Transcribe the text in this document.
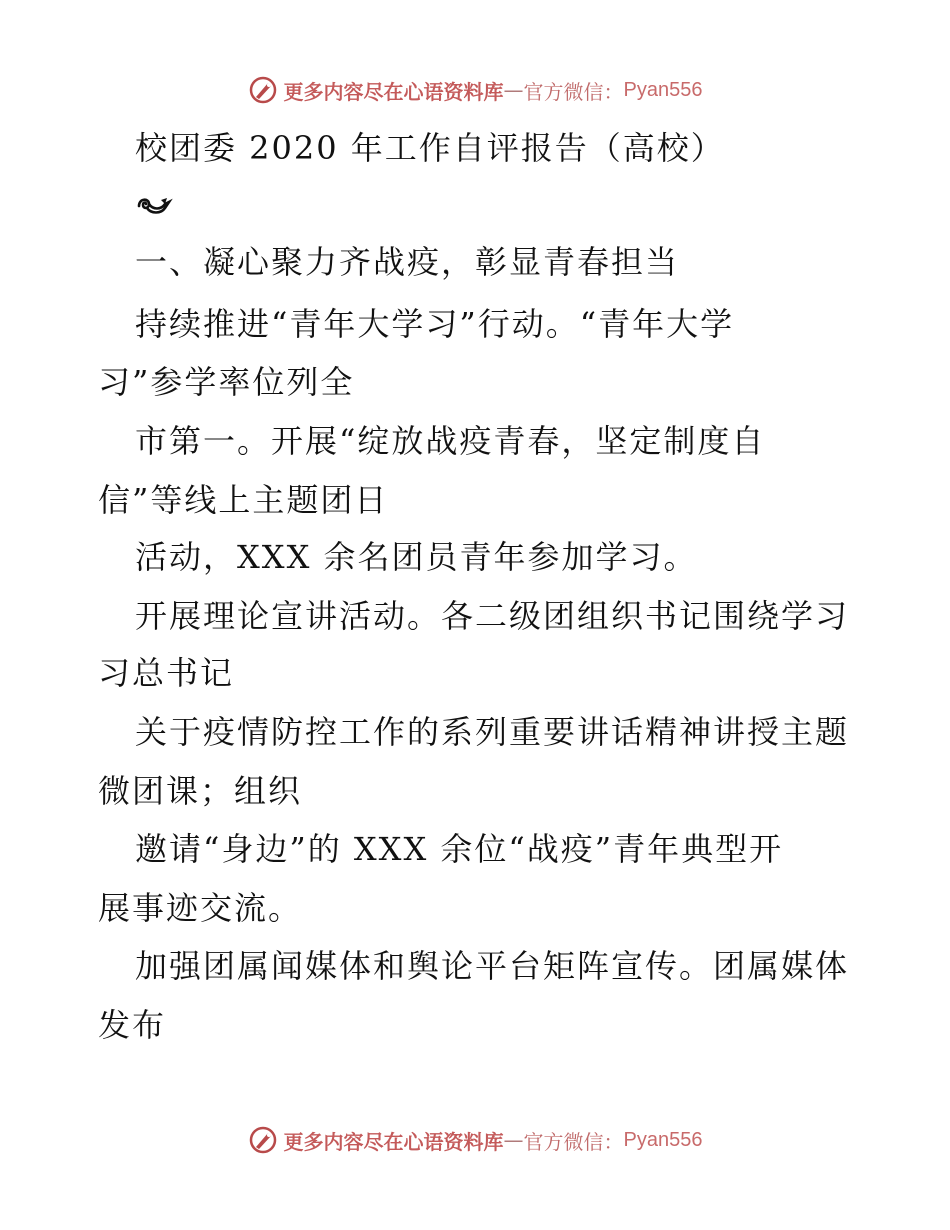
更多内容尽在心语资料库 — 官方微信： Pyan556
校团委 2020 年工作自评报告（高校）
一、凝心聚力齐战疫，彰显青春担当
持续推进“青年大学习”行动。“青年大学
习”参学率位列全
市第一。开展“绽放战疫青春，坚定制度自
信”等线上主题团日
活动，XXX 余名团员青年参加学习。
开展理论宣讲活动。各二级团组织书记围绕学习
习总书记
关于疫情防控工作的系列重要讲话精神讲授主题
微团课；组织
邀请“身边”的 XXX 余位“战疫”青年典型开
展事迹交流。
加强团属闻媒体和舆论平台矩阵宣传。团属媒体
发布
更多内容尽在心语资料库 — 官方微信： Pyan556
